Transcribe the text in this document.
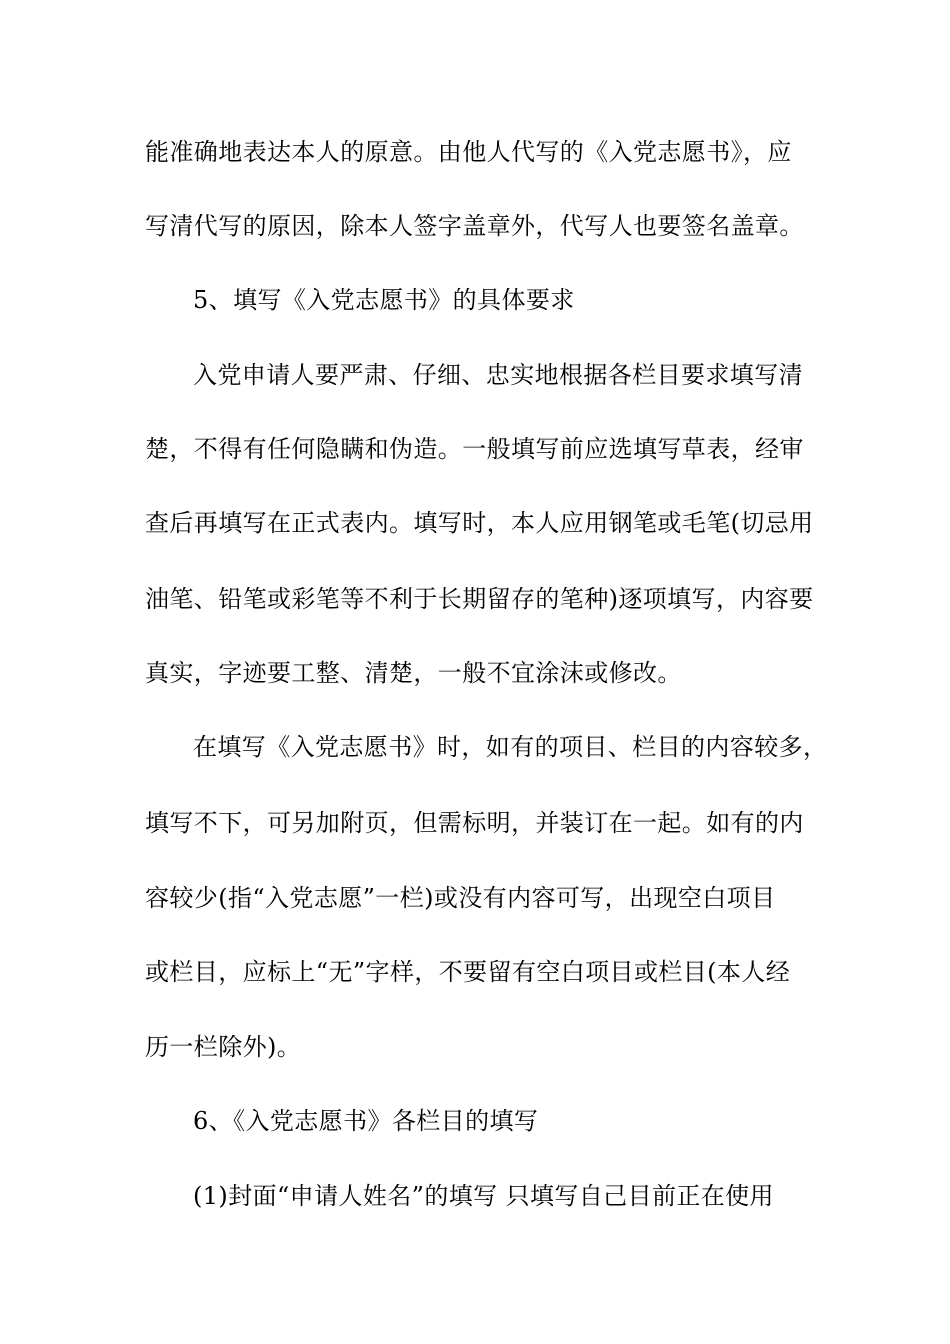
能准确地表达本人的原意。由他人代写的《入党志愿书》，应
写清代写的原因，除本人签字盖章外，代写人也要签名盖章。
5、填写《入党志愿书》的具体要求
入党申请人要严肃、仔细、忠实地根据各栏目要求填写清
楚，不得有任何隐瞒和伪造。一般填写前应选填写草表，经审
查后再填写在正式表内。填写时，本人应用钢笔或毛笔(切忌用
油笔、铅笔或彩笔等不利于长期留存的笔种)逐项填写，内容要
真实，字迹要工整、清楚，一般不宜涂沫或修改。
在填写《入党志愿书》时，如有的项目、栏目的内容较多，
填写不下，可另加附页，但需标明，并装订在一起。如有的内
容较少(指“入党志愿”一栏)或没有内容可写，出现空白项目
或栏目，应标上“无”字样，不要留有空白项目或栏目(本人经
历一栏除外)。
6、《入党志愿书》各栏目的填写
(1)封面“申请人姓名”的填写 只填写自己目前正在使用
